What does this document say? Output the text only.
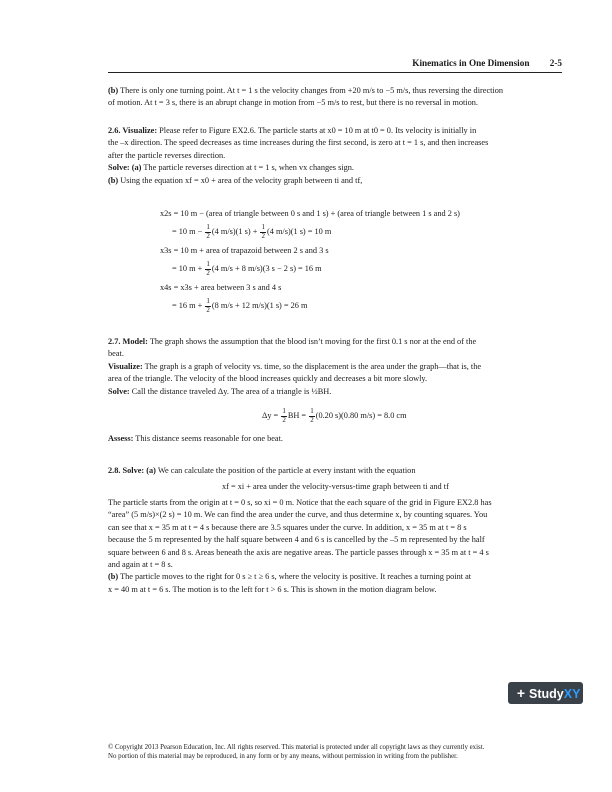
Kinematics in One Dimension 2-5
(b) There is only one turning point. At t = 1 s the velocity changes from +20 m/s to −5 m/s, thus reversing the direction
of motion. At t = 3 s, there is an abrupt change in motion from −5 m/s to rest, but there is no reversal in motion.
2.6. Visualize: Please refer to Figure EX2.6. The particle starts at x0 = 10 m at t0 = 0. Its velocity is initially in
the –x direction. The speed decreases as time increases during the first second, is zero at t = 1 s, and then increases
after the particle reverses direction.
Solve: (a) The particle reverses direction at t = 1 s, when vx changes sign.
(b) Using the equation xf = x0 + area of the velocity graph between ti and tf,
x2s = 10 m − (area of triangle between 0 s and 1 s) + (area of triangle between 1 s and 2 s)
= 10 $m - \frac{1}{2} (4$ m/s)(1 $s) + \frac{1}{2} (4$ m/s)(1 s) = 10 m
x3s = 10 m + area of trapazoid between 2 s and 3 s
= 10 $m + \frac{1}{2} (4$ m/s + 8 m/s)(3 s − 2 s) = 16 m
x4s = x3s + area between 3 s and 4 s
= 16 $m + \frac{1}{2} (8$ m/s + 12 m/s)(1 s) = 26 m
2.7. Model: The graph shows the assumption that the blood isn’t moving for the first 0.1 s nor at the end of the
beat.
Visualize: The graph is a graph of velocity vs. time, so the displacement is the area under the graph—that is, the
area of the triangle. The velocity of the blood increases quickly and decreases a bit more slowly.
Solve: Call the distance traveled Δy. The area of a triangle is ½BH.
$\Delta y = \frac{1}{2}$ BH = $\frac{1}{2} (0.20$ s)(0.80 m/s) = 8.0 cm
Assess: This distance seems reasonable for one beat.
2.8. Solve: (a) We can calculate the position of the particle at every instant with the equation
xf = xi + area under the velocity-versus-time graph between ti and tf
The particle starts from the origin at t = 0 s, so xi = 0 m. Notice that the each square of the grid in Figure EX2.8 has
“area” (5 m/s)×(2 s) = 10 m. We can find the area under the curve, and thus determine x, by counting squares. You
can see that x = 35 m at t = 4 s because there are 3.5 squares under the curve. In addition, x = 35 m at t = 8 s
because the 5 m represented by the half square between 4 and 6 s is cancelled by the –5 m represented by the half
square between 6 and 8 s. Areas beneath the axis are negative areas. The particle passes through x = 35 m at t = 4 s
and again at t = 8 s.
(b) The particle moves to the right for 0 s ≥ t ≥ 6 s, where the velocity is positive. It reaches a turning point at
x = 40 m at t = 6 s. The motion is to the left for t > 6 s. This is shown in the motion diagram below.
+ StudyXY
© Copyright 2013 Pearson Education, Inc. All rights reserved. This material is protected under all copyright laws as they currently exist.
No portion of this material may be reproduced, in any form or by any means, without permission in writing from the publisher.
